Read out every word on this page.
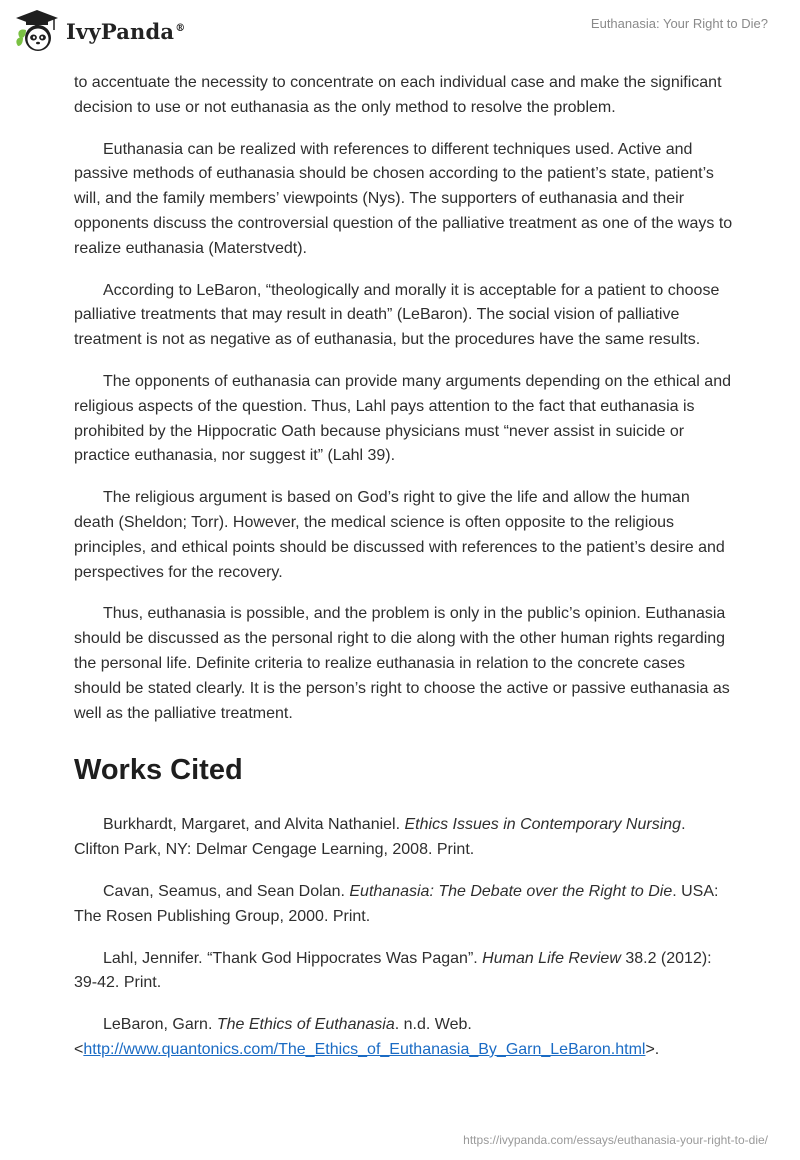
IvyPanda®	Euthanasia: Your Right to Die?

to accentuate the necessity to concentrate on each individual case and make the significant decision to use or not euthanasia as the only method to resolve the problem.

Euthanasia can be realized with references to different techniques used. Active and passive methods of euthanasia should be chosen according to the patient’s state, patient’s will, and the family members’ viewpoints (Nys). The supporters of euthanasia and their opponents discuss the controversial question of the palliative treatment as one of the ways to realize euthanasia (Materstvedt).

According to LeBaron, “theologically and morally it is acceptable for a patient to choose palliative treatments that may result in death” (LeBaron). The social vision of palliative treatment is not as negative as of euthanasia, but the procedures have the same results.

The opponents of euthanasia can provide many arguments depending on the ethical and religious aspects of the question. Thus, Lahl pays attention to the fact that euthanasia is prohibited by the Hippocratic Oath because physicians must “never assist in suicide or practice euthanasia, nor suggest it” (Lahl 39).

The religious argument is based on God’s right to give the life and allow the human death (Sheldon; Torr). However, the medical science is often opposite to the religious principles, and ethical points should be discussed with references to the patient’s desire and perspectives for the recovery.

Thus, euthanasia is possible, and the problem is only in the public’s opinion. Euthanasia should be discussed as the personal right to die along with the other human rights regarding the personal life. Definite criteria to realize euthanasia in relation to the concrete cases should be stated clearly. It is the person’s right to choose the active or passive euthanasia as well as the palliative treatment.

Works Cited

Burkhardt, Margaret, and Alvita Nathaniel. Ethics Issues in Contemporary Nursing. Clifton Park, NY: Delmar Cengage Learning, 2008. Print.

Cavan, Seamus, and Sean Dolan. Euthanasia: The Debate over the Right to Die. USA: The Rosen Publishing Group, 2000. Print.

Lahl, Jennifer. “Thank God Hippocrates Was Pagan”. Human Life Review 38.2 (2012): 39-42. Print.

LeBaron, Garn. The Ethics of Euthanasia. n.d. Web. <http://www.quantonics.com/The_Ethics_of_Euthanasia_By_Garn_LeBaron.html>.

https://ivypanda.com/essays/euthanasia-your-right-to-die/
